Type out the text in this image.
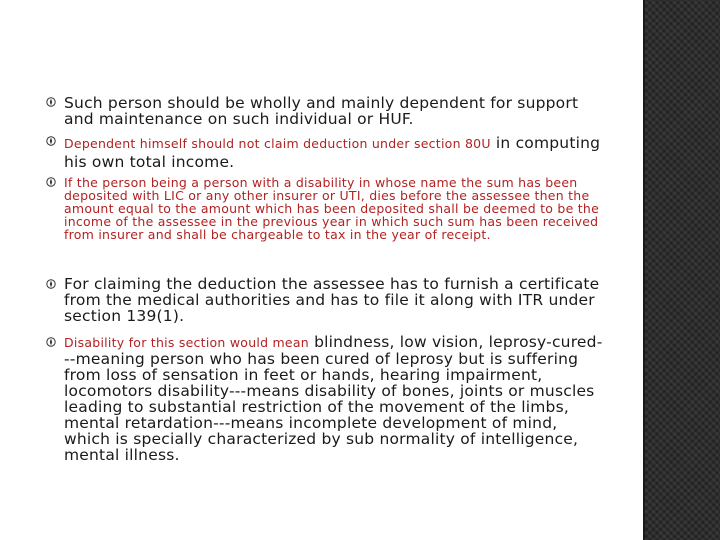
Such person should be wholly and mainly dependent for support and maintenance on such individual or HUF.

Dependent himself should not claim deduction under section 80U in computing his own total income.

If the person being a person with a disability in whose name the sum has been deposited with LIC or any other insurer or UTI, dies before the assessee then the amount equal to the amount which has been deposited shall be deemed to be the income of the assessee in the previous year in which such sum has been received from insurer and shall be chargeable to tax in the year of receipt.

For claiming the deduction the assessee has to furnish a certificate from the medical authorities and has to file it along with ITR under section 139(1).

Disability for this section would mean blindness, low vision, leprosy-cured---meaning person who has been cured of leprosy but is suffering from loss of sensation in feet or hands, hearing impairment, locomotors disability---means disability of bones, joints or muscles leading to substantial restriction of the movement of the limbs, mental retardation---means incomplete development of mind, which is specially characterized by sub normality of intelligence, mental illness.
